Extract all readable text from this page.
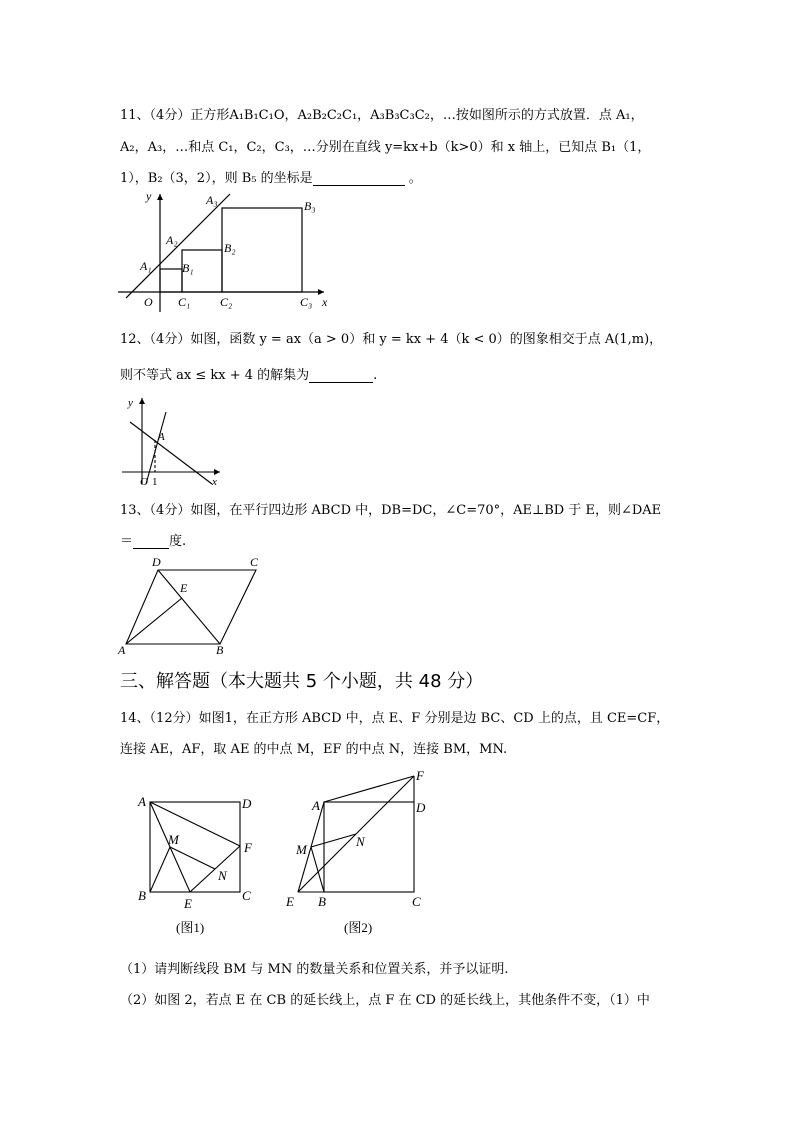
11、（4分）正方形A₁B₁C₁O，A₂B₂C₂C₁，A₃B₃C₃C₂，…按如图所示的方式放置．点 A₁，
A₂，A₃，…和点 C₁，C₂，C₃，…分别在直线 y=kx+b（k>0）和 x 轴上，已知点 B₁（1，
1），B₂（3，2），则 B₅ 的坐标是	。
A₁
A₂
A₃
B₁
B₂
B₃
O C₁ C₂	C₃ x
y
12、（4分）如图，函数 y = ax（a > 0）和 y = kx + 4（k < 0）的图象相交于点 A(1,m)，
则不等式 ax ≤ kx + 4 的解集为	.
y
x
A
O 1
13、（4分）如图，在平行四边形 ABCD 中，DB=DC，∠C=70°，AE⊥BD 于 E，则∠DAE
＝	度.
A	B
C
D
E
三、解答题（本大题共 5 个小题，共 48 分）
14、（12分）如图1，在正方形 ABCD 中，点 E、F 分别是边 BC、CD 上的点，且 CE=CF，
连接 AE，AF，取 AE 的中点 M，EF 的中点 N，连接 BM，MN.
A	D
B	C
E
F
M
N
(图1)
A	D
F
M
N
E B	C
(图2)
（1）请判断线段 BM 与 MN 的数量关系和位置关系，并予以证明.
（2）如图 2，若点 E 在 CB 的延长线上，点 F 在 CD 的延长线上，其他条件不变，（1）中
